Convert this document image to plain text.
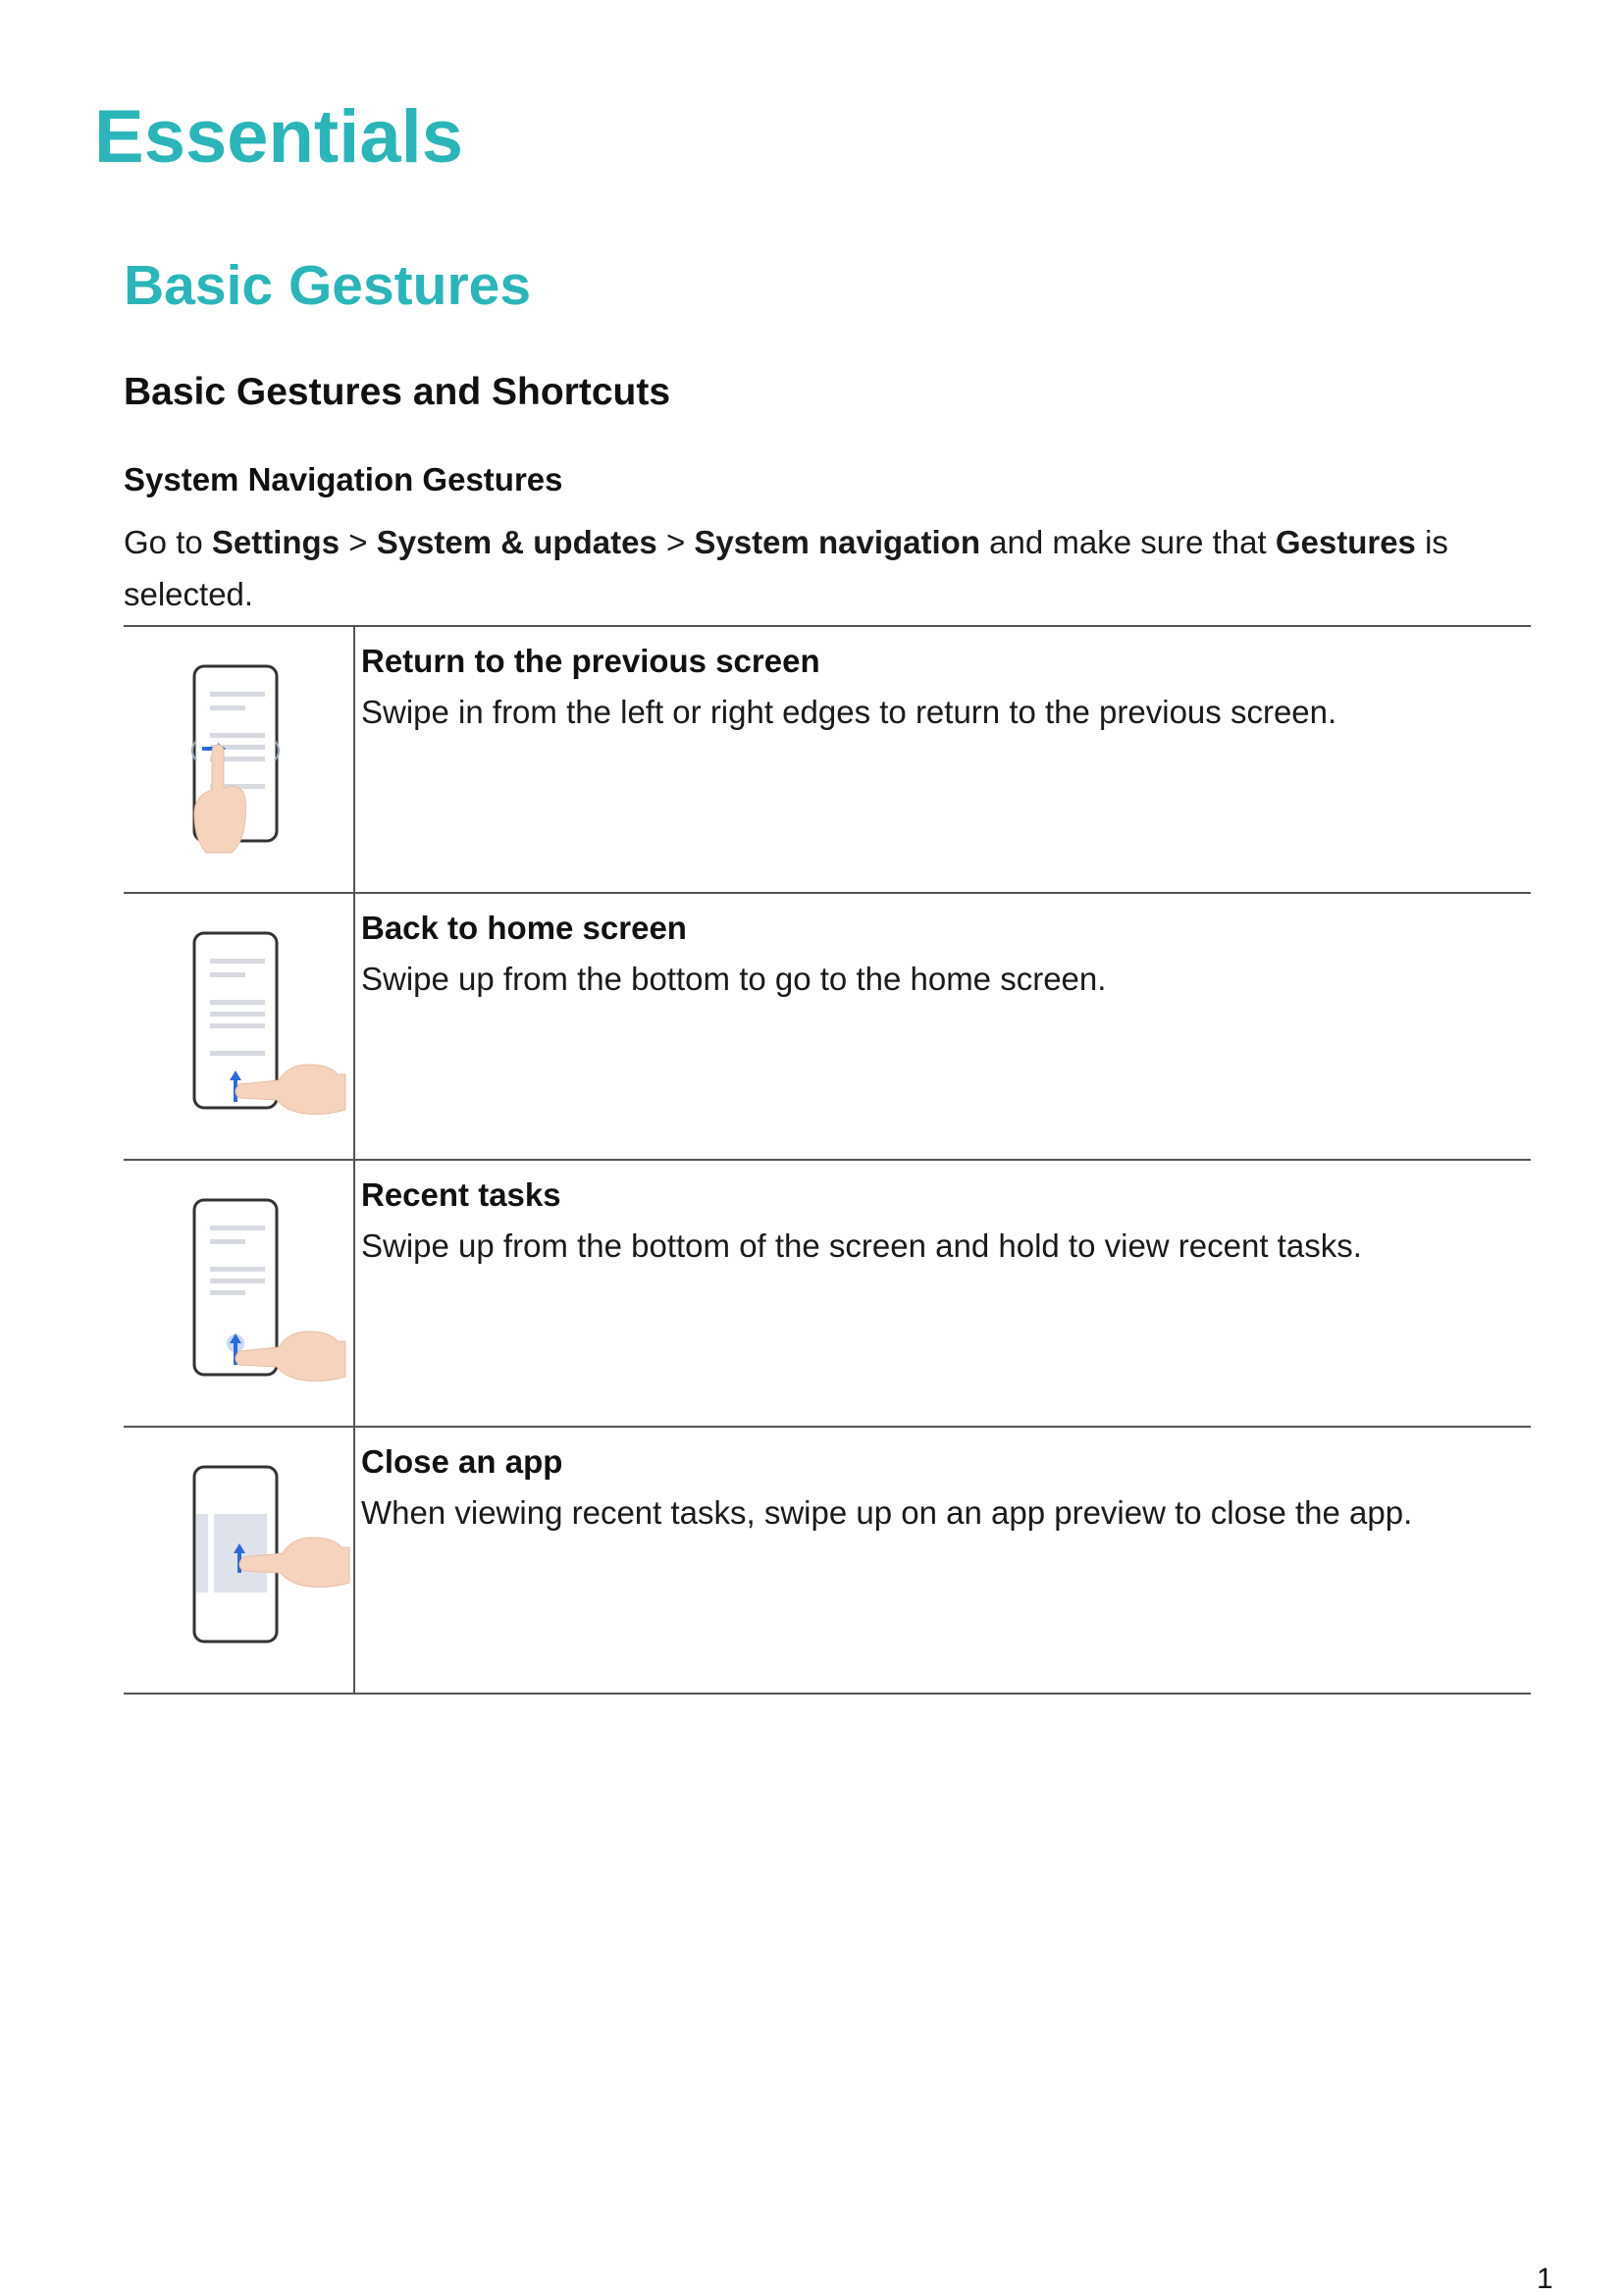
Essentials
Basic Gestures
Basic Gestures and Shortcuts
System Navigation Gestures

Go to Settings > System & updates > System navigation and make sure that Gestures is selected.

Return to the previous screen

Swipe in from the left or right edges to return to the previous screen.

Back to home screen

Swipe up from the bottom to go to the home screen.

Recent tasks

Swipe up from the bottom of the screen and hold to view recent tasks.

Close an app

When viewing recent tasks, swipe up on an app preview to close the app.

1
